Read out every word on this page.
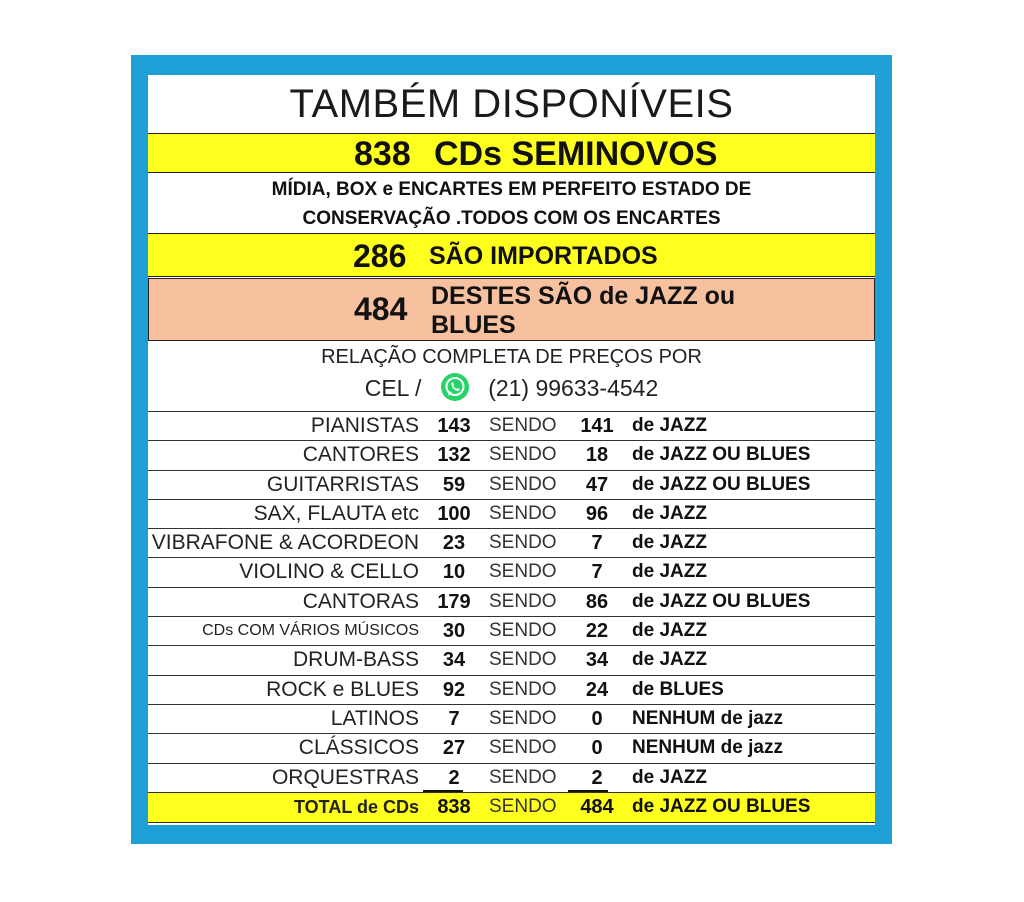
TAMBÉM DISPONÍVEIS
838 CDs SEMINOVOS
MÍDIA, BOX e ENCARTES EM PERFEITO ESTADO DE
CONSERVAÇÃO .TODOS COM OS ENCARTES
286 SÃO IMPORTADOS
484 DESTES SÃO de JAZZ ou BLUES
RELAÇÃO COMPLETA DE PREÇOS POR
CEL /	(21) 99633-4542
PIANISTAS 143 SENDO 141 de JAZZ
CANTORES 132 SENDO	18	de JAZZ OU BLUES
GUITARRISTAS	59	SENDO	47	de JAZZ OU BLUES
SAX, FLAUTA etc 100 SENDO	96	de JAZZ
VIBRAFONE & ACORDEON	23	SENDO	7	de JAZZ
VIOLINO & CELLO	10	SENDO	7	de JAZZ
CANTORAS 179 SENDO	86	de JAZZ OU BLUES
CDs COM VÁRIOS MÚSICOS	30	SENDO	22	de JAZZ
DRUM-BASS	34	SENDO	34	de JAZZ
ROCK e BLUES	92	SENDO	24	de BLUES
LATINOS	7	SENDO	0	NENHUM de jazz
CLÁSSICOS	27	SENDO	0	NENHUM de jazz
ORQUESTRAS	2	SENDO	2	de JAZZ
TOTAL de CDs 838 SENDO 484 de JAZZ OU BLUES
